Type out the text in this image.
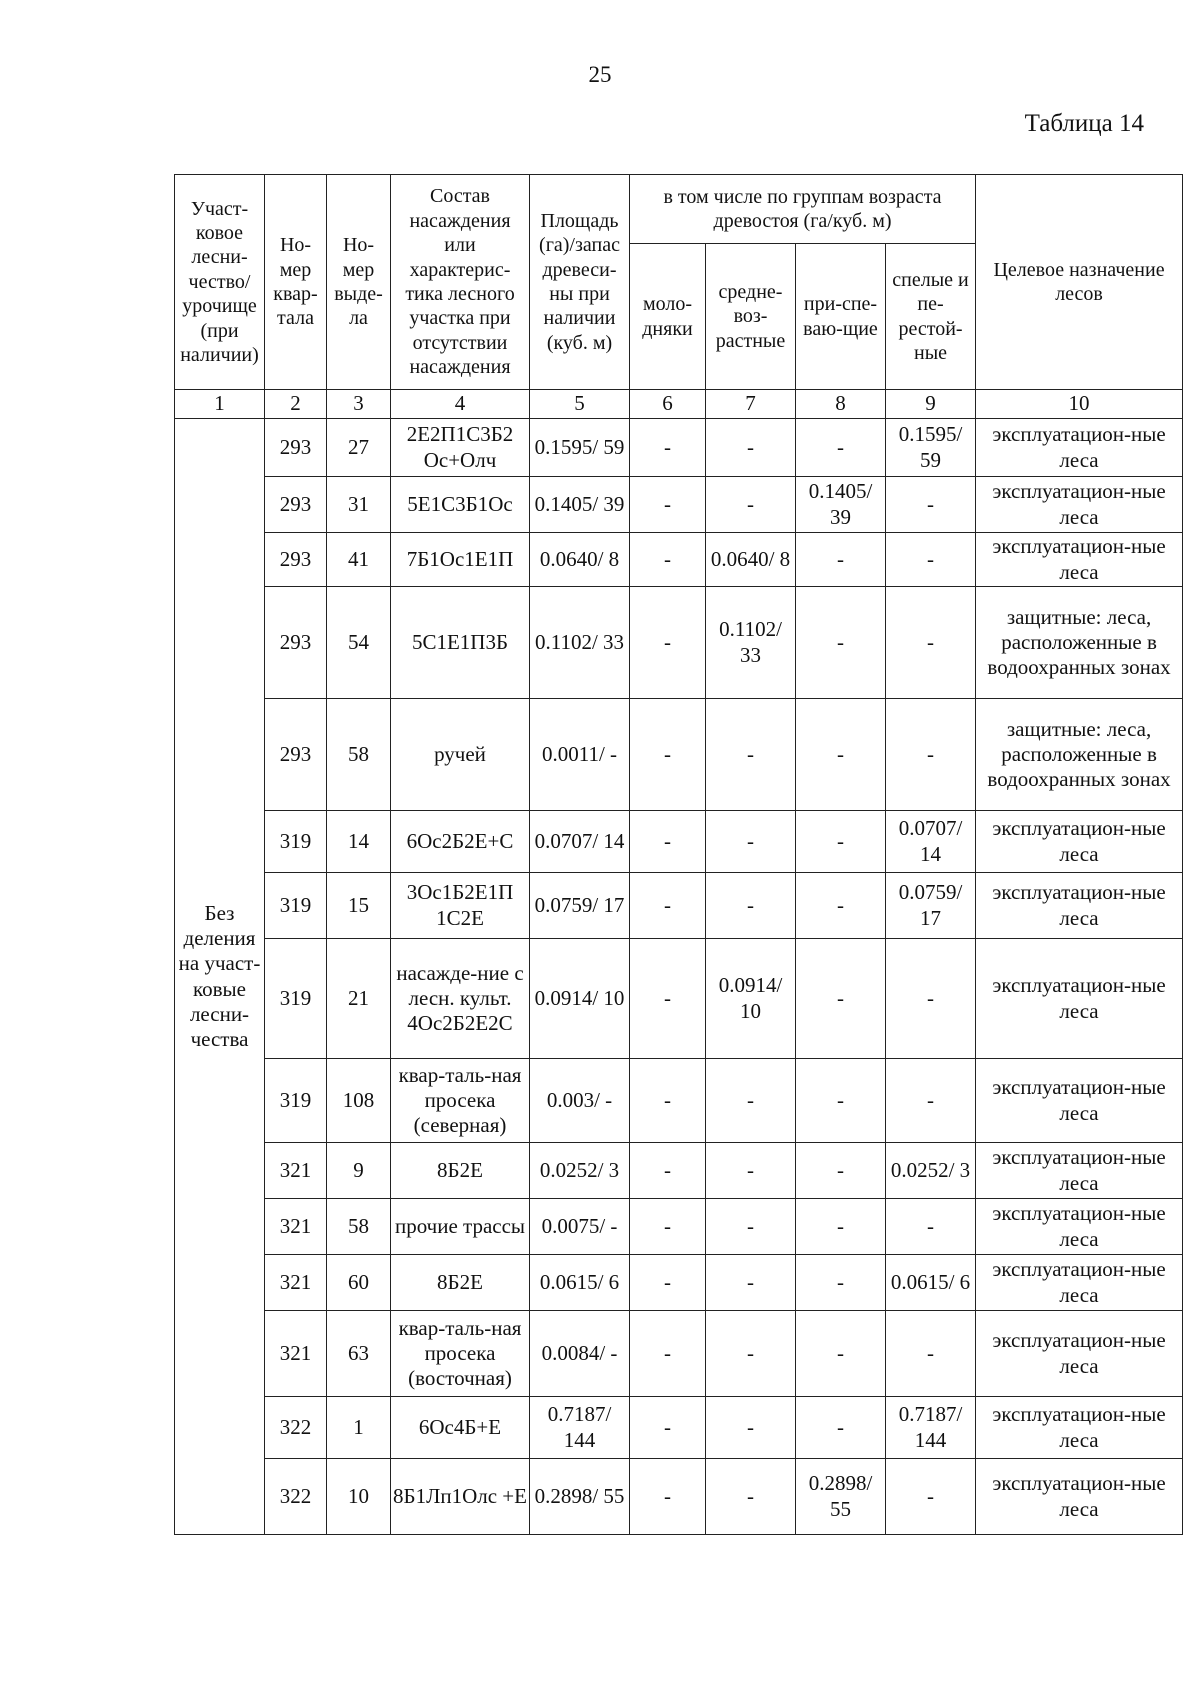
25
Таблица 14
Участ-ковое лесни-чество/ урочище (при наличии)	Но-мер квар-тала	Но-мер выде-ла	Состав насаждения или характерис-тика лесного участка при отсутствии насаждения	Площадь (га)/запас древеси-ны при наличии (куб. м)	в том числе по группам возраста древостоя (га/куб. м)				Целевое назначение лесов
					моло-дняки	средне-воз-растные	при-спе-ваю-щие	спелые и пе-рестой-ные	
1	2	3	4	5	6	7	8	9	10
Без деления на участ-ковые лесни-чества	293	27	2Е2П1С3Б2 Ос+Олч	0.1595/ 59	-	-	-	0.1595/ 59	эксплуатацион-ные леса
	293	31	5Е1С3Б1Ос	0.1405/ 39	-	-	0.1405/ 39	-	эксплуатацион-ные леса
	293	41	7Б1Ос1Е1П	0.0640/ 8	-	0.0640/ 8	-	-	эксплуатацион-ные леса
	293	54	5С1Е1П3Б	0.1102/ 33	-	0.1102/ 33	-	-	защитные: леса, расположенные в водоохранных зонах
	293	58	ручей	0.0011/ -	-	-	-	-	защитные: леса, расположенные в водоохранных зонах
	319	14	6Ос2Б2Е+С	0.0707/ 14	-	-	-	0.0707/ 14	эксплуатацион-ные леса
	319	15	3Ос1Б2Е1П 1С2Е	0.0759/ 17	-	-	-	0.0759/ 17	эксплуатацион-ные леса
	319	21	насажде-ние с лесн. культ. 4Ос2Б2Е2С	0.0914/ 10	-	0.0914/ 10	-	-	эксплуатацион-ные леса
	319	108	квар-таль-ная просека (северная)	0.003/ -	-	-	-	-	эксплуатацион-ные леса
	321	9	8Б2Е	0.0252/ 3	-	-	-	0.0252/ 3	эксплуатацион-ные леса
	321	58	прочие трассы	0.0075/ -	-	-	-	-	эксплуатацион-ные леса
	321	60	8Б2Е	0.0615/ 6	-	-	-	0.0615/ 6	эксплуатацион-ные леса
	321	63	квар-таль-ная просека (восточная)	0.0084/ -	-	-	-	-	эксплуатацион-ные леса
	322	1	6Ос4Б+Е	0.7187/ 144	-	-	-	0.7187/ 144	эксплуатацион-ные леса
	322	10	8Б1Лп1Олс +Е	0.2898/ 55	-	-	0.2898/ 55	-	эксплуатацион-ные леса
